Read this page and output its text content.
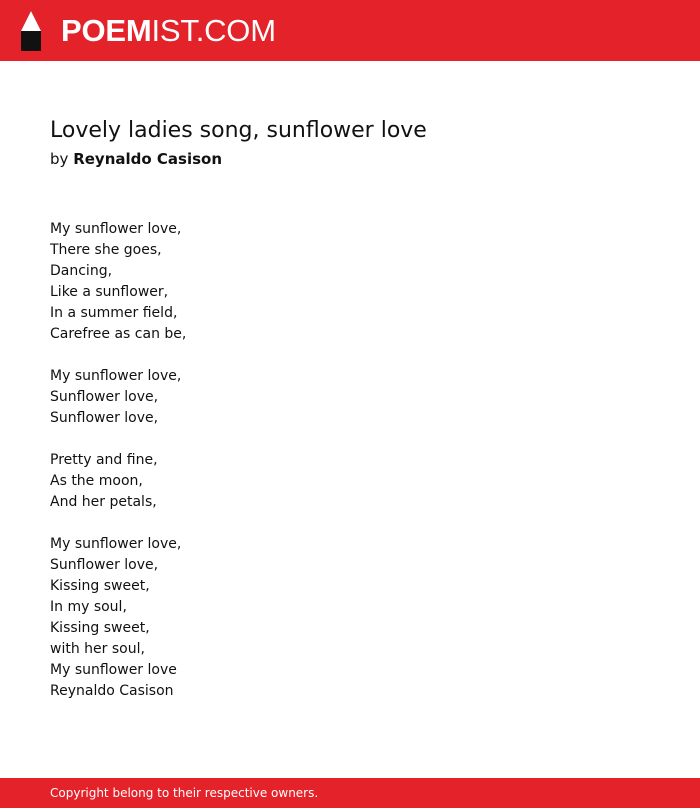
POEMIST.COM
Lovely ladies song, sunflower love
by Reynaldo Casison
My sunflower love,
There she goes,
Dancing,
Like a sunflower,
In a summer field,
Carefree as can be,
My sunflower love,
Sunflower love,
Sunflower love,
Pretty and fine,
As the moon,
And her petals,
My sunflower love,
Sunflower love,
Kissing sweet,
In my soul,
Kissing sweet,
with her soul,
My sunflower love
Reynaldo Casison
Copyright belong to their respective owners.
